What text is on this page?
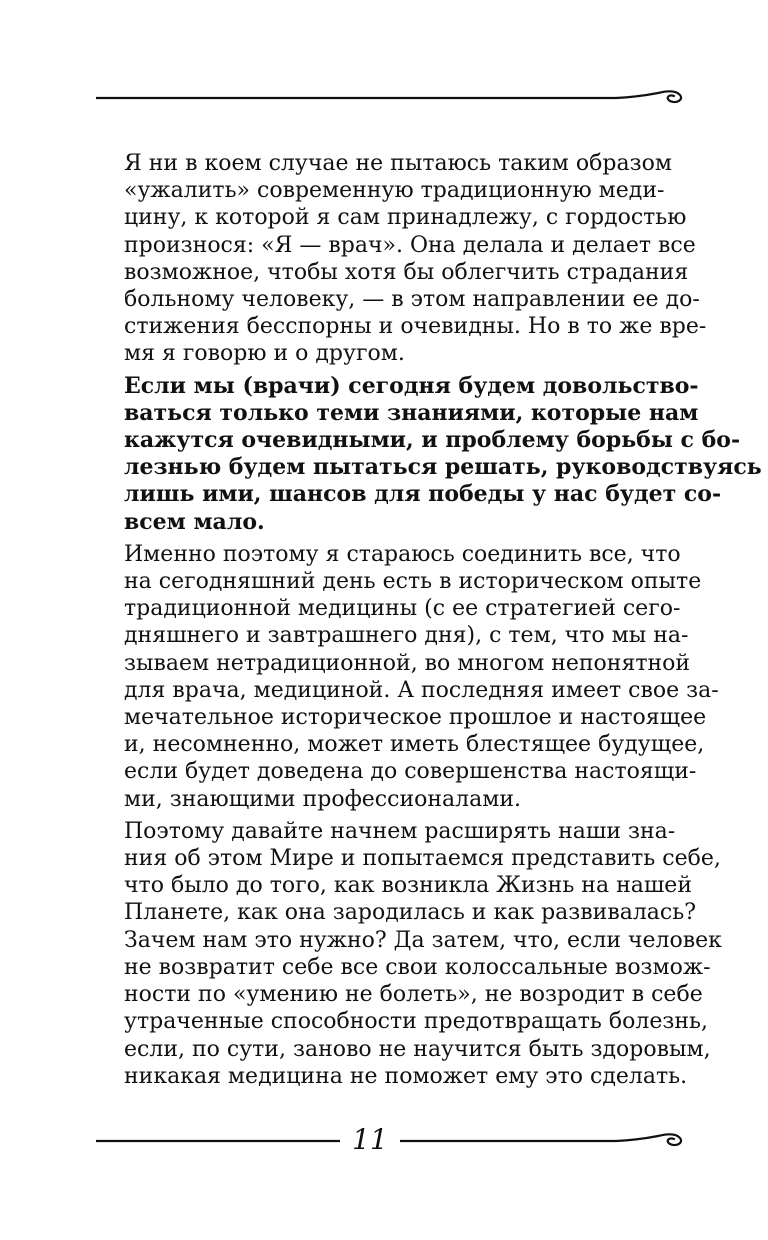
Я ни в коем случае не пытаюсь таким образом
«ужалить» современную традиционную меди-
цину, к которой я сам принадлежу, с гордостью
произнося: «Я — врач». Она делала и делает все
возможное, чтобы хотя бы облегчить страдания
больному человеку, — в этом направлении ее до-
стижения бесспорны и очевидны. Но в то же вре-
мя я говорю и о другом.

Если мы (врачи) сегодня будем довольство-
ваться только теми знаниями, которые нам
кажутся очевидными, и проблему борьбы с бо-
лезнью будем пытаться решать, руководствуясь
лишь ими, шансов для победы у нас будет со-
всем мало.

Именно поэтому я стараюсь соединить все, что
на сегодняшний день есть в историческом опыте
традиционной медицины (с ее стратегией сего-
дняшнего и завтрашнего дня), с тем, что мы на-
зываем нетрадиционной, во многом непонятной
для врача, медициной. А последняя имеет свое за-
мечательное историческое прошлое и настоящее
и, несомненно, может иметь блестящее будущее,
если будет доведена до совершенства настоящи-
ми, знающими профессионалами.

Поэтому давайте начнем расширять наши зна-
ния об этом Мире и попытаемся представить себе,
что было до того, как возникла Жизнь на нашей
Планете, как она зародилась и как развивалась?
Зачем нам это нужно? Да затем, что, если человек
не возвратит себе все свои колоссальные возмож-
ности по «умению не болеть», не возродит в себе
утраченные способности предотвращать болезнь,
если, по сути, заново не научится быть здоровым,
никакая медицина не поможет ему это сделать.

11
